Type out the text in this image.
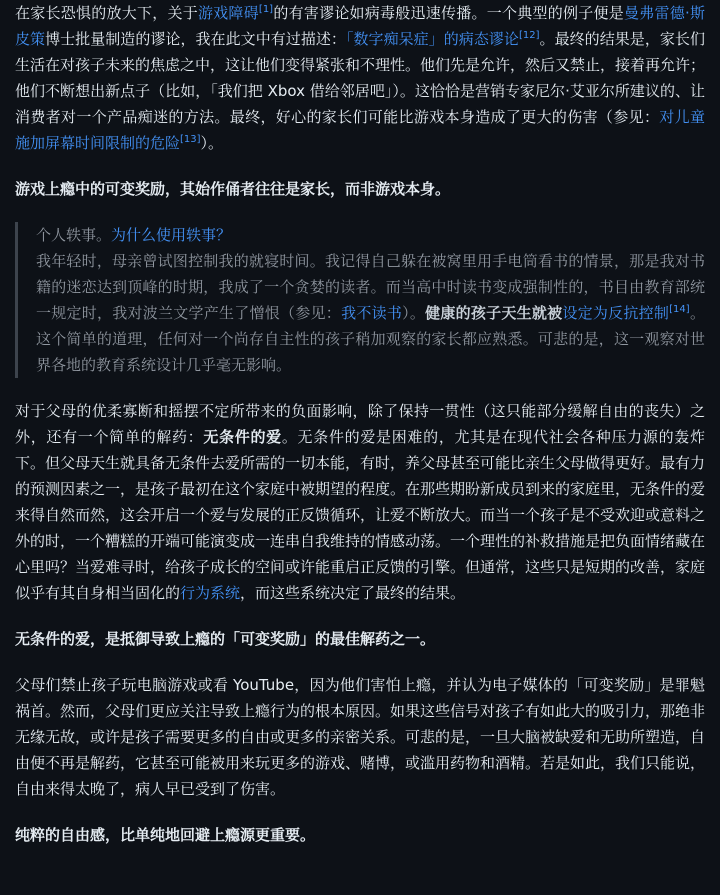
在家长恐惧的放大下，关于游戏障碍[1]的有害谬论如病毒般迅速传播。一个典型的例子便是曼弗雷德·斯皮策博士批量制造的谬论，我在此文中有过描述：「数字痴呆症」的病态谬论[12]。最终的结果是，家长们生活在对孩子未来的焦虑之中，这让他们变得紧张和不理性。他们先是允许，然后又禁止，接着再允许；他们不断想出新点子（比如，「我们把 Xbox 借给邻居吧」）。这恰恰是营销专家尼尔·艾亚尔所建议的、让消费者对一个产品痴迷的方法。最终，好心的家长们可能比游戏本身造成了更大的伤害（参见：对儿童施加屏幕时间限制的危险[13]）。

游戏上瘾中的可变奖励，其始作俑者往往是家长，而非游戏本身。

个人轶事。为什么使用轶事？
我年轻时，母亲曾试图控制我的就寝时间。我记得自己躲在被窝里用手电筒看书的情景，那是我对书籍的迷恋达到顶峰的时期，我成了一个贪婪的读者。而当高中时读书变成强制性的，书目由教育部统一规定时，我对波兰文学产生了憎恨（参见：我不读书）。健康的孩子天生就被设定为反抗控制[14]。这个简单的道理，任何对一个尚存自主性的孩子稍加观察的家长都应熟悉。可悲的是，这一观察对世界各地的教育系统设计几乎毫无影响。

对于父母的优柔寡断和摇摆不定所带来的负面影响，除了保持一贯性（这只能部分缓解自由的丧失）之外，还有一个简单的解药：无条件的爱。无条件的爱是困难的，尤其是在现代社会各种压力源的轰炸下。但父母天生就具备无条件去爱所需的一切本能，有时，养父母甚至可能比亲生父母做得更好。最有力的预测因素之一，是孩子最初在这个家庭中被期望的程度。在那些期盼新成员到来的家庭里，无条件的爱来得自然而然，这会开启一个爱与发展的正反馈循环，让爱不断放大。而当一个孩子是不受欢迎或意料之外的时，一个糟糕的开端可能演变成一连串自我维持的情感动荡。一个理性的补救措施是把负面情绪藏在心里吗？当爱难寻时，给孩子成长的空间或许能重启正反馈的引擎。但通常，这些只是短期的改善，家庭似乎有其自身相当固化的行为系统，而这些系统决定了最终的结果。

无条件的爱，是抵御导致上瘾的「可变奖励」的最佳解药之一。

父母们禁止孩子玩电脑游戏或看 YouTube，因为他们害怕上瘾，并认为电子媒体的「可变奖励」是罪魁祸首。然而，父母们更应关注导致上瘾行为的根本原因。如果这些信号对孩子有如此大的吸引力，那绝非无缘无故，或许是孩子需要更多的自由或更多的亲密关系。可悲的是，一旦大脑被缺爱和无助所塑造，自由便不再是解药，它甚至可能被用来玩更多的游戏、赌博，或滥用药物和酒精。若是如此，我们只能说，自由来得太晚了，病人早已受到了伤害。

纯粹的自由感，比单纯地回避上瘾源更重要。
